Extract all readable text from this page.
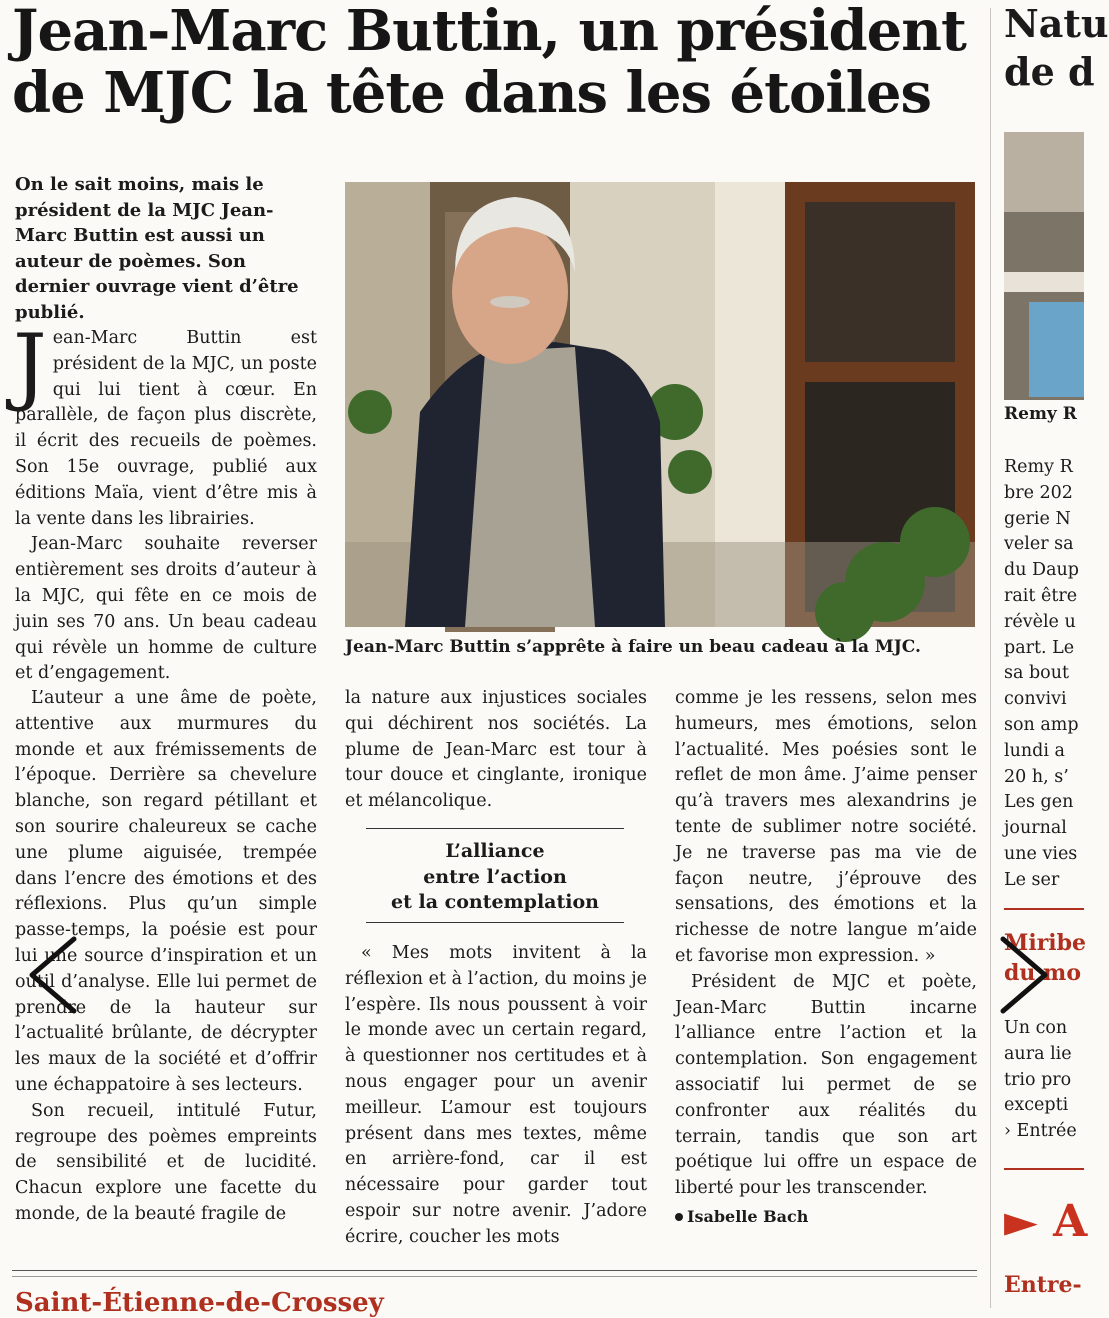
Jean-Marc Buttin, un président
de MJC la tête dans les étoiles
On le sait moins, mais le président de la MJC Jean-Marc Buttin est aussi un auteur de poèmes. Son dernier ouvrage vient d’être publié.
Jean-Marc Buttin s’apprête à faire un beau cadeau à la MJC.

Jean-Marc Buttin est président de la MJC, un poste qui lui tient à cœur. En parallèle, de façon plus discrète, il écrit des recueils de poèmes. Son 15e ouvrage, publié aux éditions Maïa, vient d’être mis à la vente dans les librairies.

Jean-Marc souhaite reverser entièrement ses droits d’auteur à la MJC, qui fête en ce mois de juin ses 70 ans. Un beau cadeau qui révèle un homme de culture et d’engagement.

L’auteur a une âme de poète, attentive aux murmures du monde et aux frémissements de l’époque. Derrière sa chevelure blanche, son regard pétillant et son sourire chaleureux se cache une plume aiguisée, trempée dans l’encre des émotions et des réflexions. Plus qu’un simple passe-temps, la poésie est pour lui une source d’inspiration et un outil d’analyse. Elle lui permet de prendre de la hauteur sur l’actualité brûlante, de décrypter les maux de la société et d’offrir une échappatoire à ses lecteurs.

Son recueil, intitulé Futur, regroupe des poèmes empreints de sensibilité et de lucidité. Chacun explore une facette du monde, de la beauté fragile de

la nature aux injustices sociales qui déchirent nos sociétés. La plume de Jean-Marc est tour à tour douce et cinglante, ironique et mélancolique.

L’alliance
entre l’action
et la contemplation

« Mes mots invitent à la réflexion et à l’action, du moins je l’espère. Ils nous poussent à voir le monde avec un certain regard, à questionner nos certitudes et à nous engager pour un avenir meilleur. L’amour est toujours présent dans mes textes, même en arrière-fond, car il est nécessaire pour garder tout espoir sur notre avenir. J’adore écrire, coucher les mots

comme je les ressens, selon mes humeurs, mes émotions, selon l’actualité. Mes poésies sont le reflet de mon âme. J’aime penser qu’à travers mes alexandrins je tente de sublimer notre société. Je ne traverse pas ma vie de façon neutre, j’éprouve des sensations, des émotions et la richesse de notre langue m’aide et favorise mon expression. »

Président de MJC et poète, Jean-Marc Buttin incarne l’alliance entre l’action et la contemplation. Son engagement associatif lui permet de se confronter aux réalités du terrain, tandis que son art poétique lui offre un espace de liberté pour les transcender.

Isabelle Bach
Saint-Étienne-de-Crossey
Natu
de d
Remy R
Remy R
bre 202
gerie N
veler sa
du Daup
rait être
révèle u
part. Le
sa bout
convivi
son amp
lundi a
20 h, s’
Les gen
journal
une vies
Le ser
Miribe
du mo
Un con
aura lie
trio pro
excepti
› Entrée
► A
Entre-
